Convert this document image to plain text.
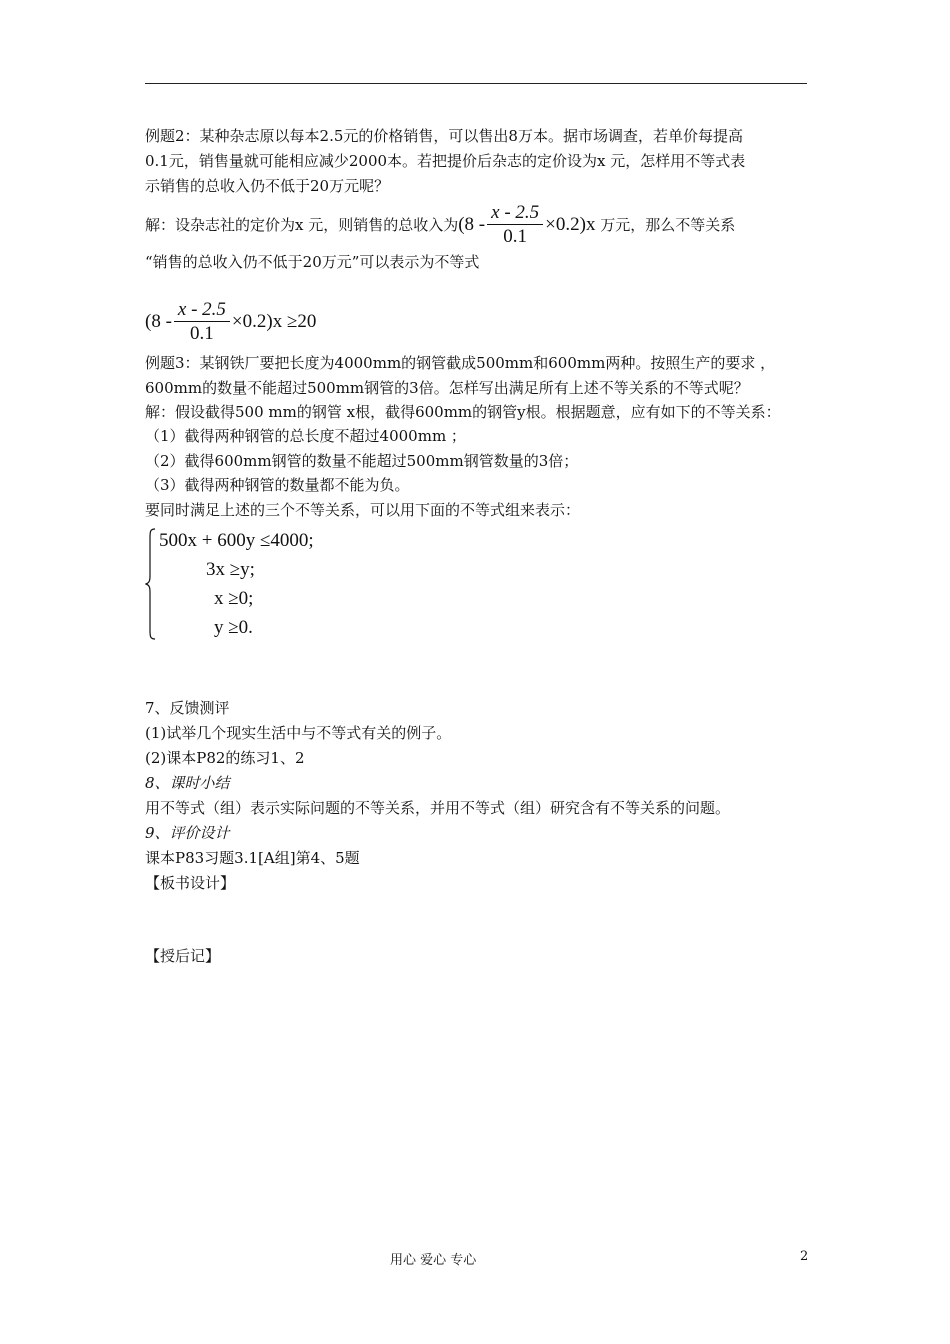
例题2：某种杂志原以每本2.5元的价格销售，可以售出8万本。据市场调查，若单价每提高
0.1元，销售量就可能相应减少2000本。若把提价后杂志的定价设为x 元，怎样用不等式表
示销售的总收入仍不低于20万元呢？
解：设杂志社的定价为x 元，则销售的总收入为$(8 - \frac{x - 2.5}{0.1} \times 0.2)x$ 万元，那么不等关系
“销售的总收入仍不低于20万元”可以表示为不等式
$(8 - \frac{x - 2.5}{0.1} \times 0.2)x \ge 20$
例题3：某钢铁厂要把长度为4000mm的钢管截成500mm和600mm两种。按照生产的要求 ，
600mm的数量不能超过500mm钢管的3倍。怎样写出满足所有上述不等关系的不等式呢？
解：假设截得500 mm的钢管 x根，截得600mm的钢管y根。根据题意，应有如下的不等关系：
（1）截得两种钢管的总长度不超过4000mm ；
（2）截得600mm钢管的数量不能超过500mm钢管数量的3倍；
（3）截得两种钢管的数量都不能为负。
要同时满足上述的三个不等关系，可以用下面的不等式组来表示：
500x + 600y ≤4000;
3x ≥y;
x ≥0;
y ≥0.
7、反馈测评
(1)试举几个现实生活中与不等式有关的例子。
(2)课本P82的练习1、2
8、课时小结
用不等式（组）表示实际问题的不等关系，并用不等式（组）研究含有不等关系的问题。
9、评价设计
课本P83习题3.1[A组]第4、5题
【板书设计】
【授后记】
用心 爱心 专心	2
